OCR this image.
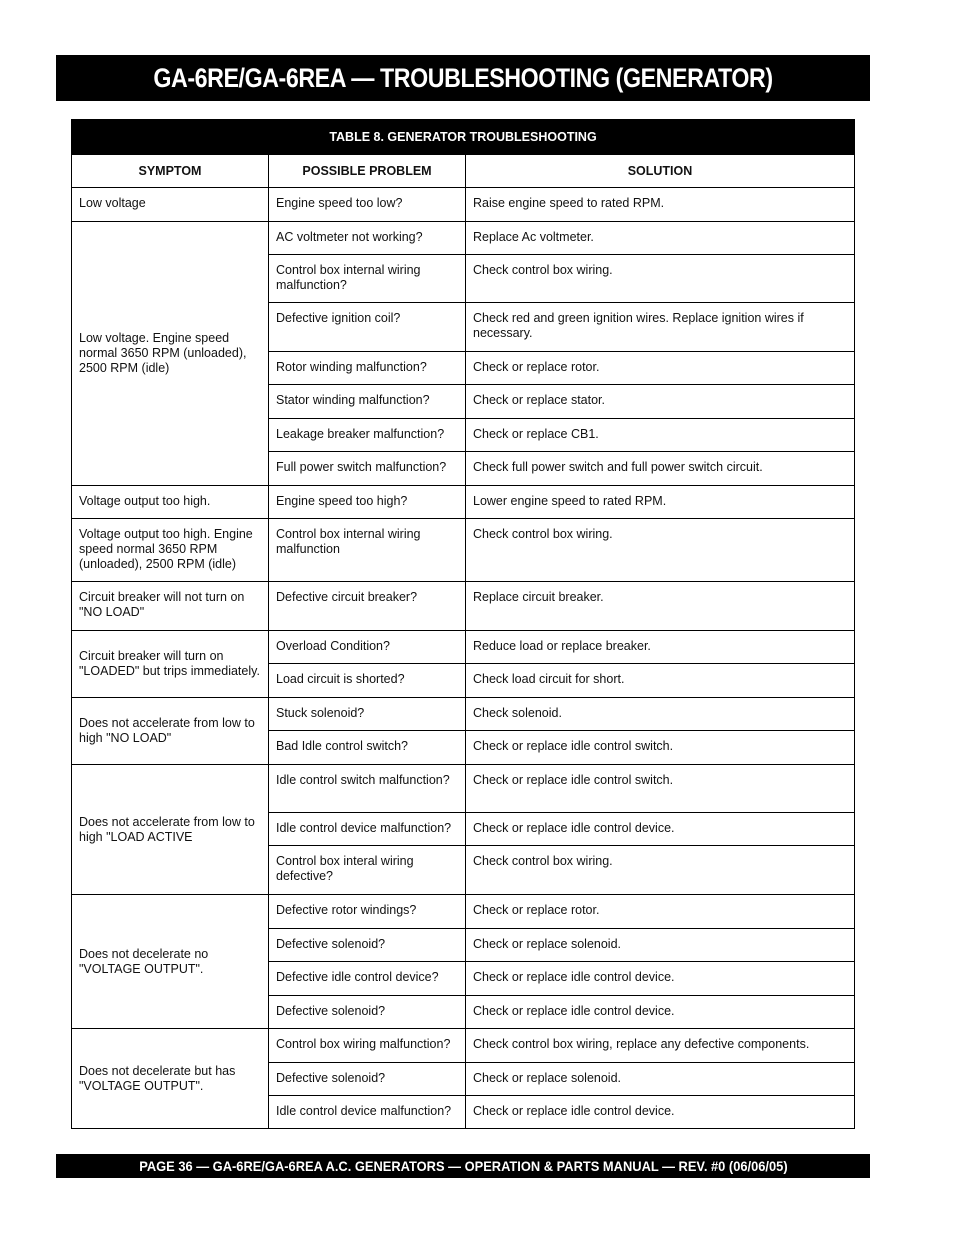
GA-6RE/GA-6REA — TROUBLESHOOTING (GENERATOR)
TABLE 8. GENERATOR TROUBLESHOOTING		
SYMPTOM	POSSIBLE PROBLEM	SOLUTION
Low voltage	Engine speed too low?	Raise engine speed to rated RPM.
Low voltage. Engine speed normal 3650 RPM (unloaded), 2500 RPM (idle)	AC voltmeter not working?	Replace Ac voltmeter.
	Control box internal wiring malfunction?	Check control box wiring.
	Defective ignition coil?	Check red and green ignition wires. Replace ignition wires if necessary.
	Rotor winding malfunction?	Check or replace rotor.
	Stator winding malfunction?	Check or replace stator.
	Leakage breaker malfunction?	Check or replace CB1.
	Full power switch malfunction?	Check full power switch and full power switch circuit.
Voltage output too high.	Engine speed too high?	Lower engine speed to rated RPM.
Voltage output too high. Engine speed normal 3650 RPM (unloaded), 2500 RPM (idle)	Control box internal wiring malfunction	Check control box wiring.
Circuit breaker will not turn on "NO LOAD"	Defective circuit breaker?	Replace circuit breaker.
Circuit breaker will turn on "LOADED" but trips immediately.	Overload Condition?	Reduce load or replace breaker.
	Load circuit is shorted?	Check load circuit for short.
Does not accelerate from low to high "NO LOAD"	Stuck solenoid?	Check solenoid.
	Bad Idle control switch?	Check or replace idle control switch.
Does not accelerate from low to high "LOAD ACTIVE	Idle control switch malfunction?	Check or replace idle control switch.
	Idle control device malfunction?	Check or replace idle control device.
	Control box interal wiring defective?	Check control box wiring.
Does not decelerate no "VOLTAGE OUTPUT".	Defective rotor windings?	Check or replace rotor.
	Defective solenoid?	Check or replace solenoid.
	Defective idle control device?	Check or replace idle control device.
	Defective solenoid?	Check or replace idle control device.
Does not decelerate but has "VOLTAGE OUTPUT".	Control box wiring malfunction?	Check control box wiring, replace any defective components.
	Defective solenoid?	Check or replace solenoid.
	Idle control device malfunction?	Check or replace idle control device.
PAGE 36 — GA-6RE/GA-6REA A.C. GENERATORS — OPERATION & PARTS MANUAL — REV. #0 (06/06/05)
